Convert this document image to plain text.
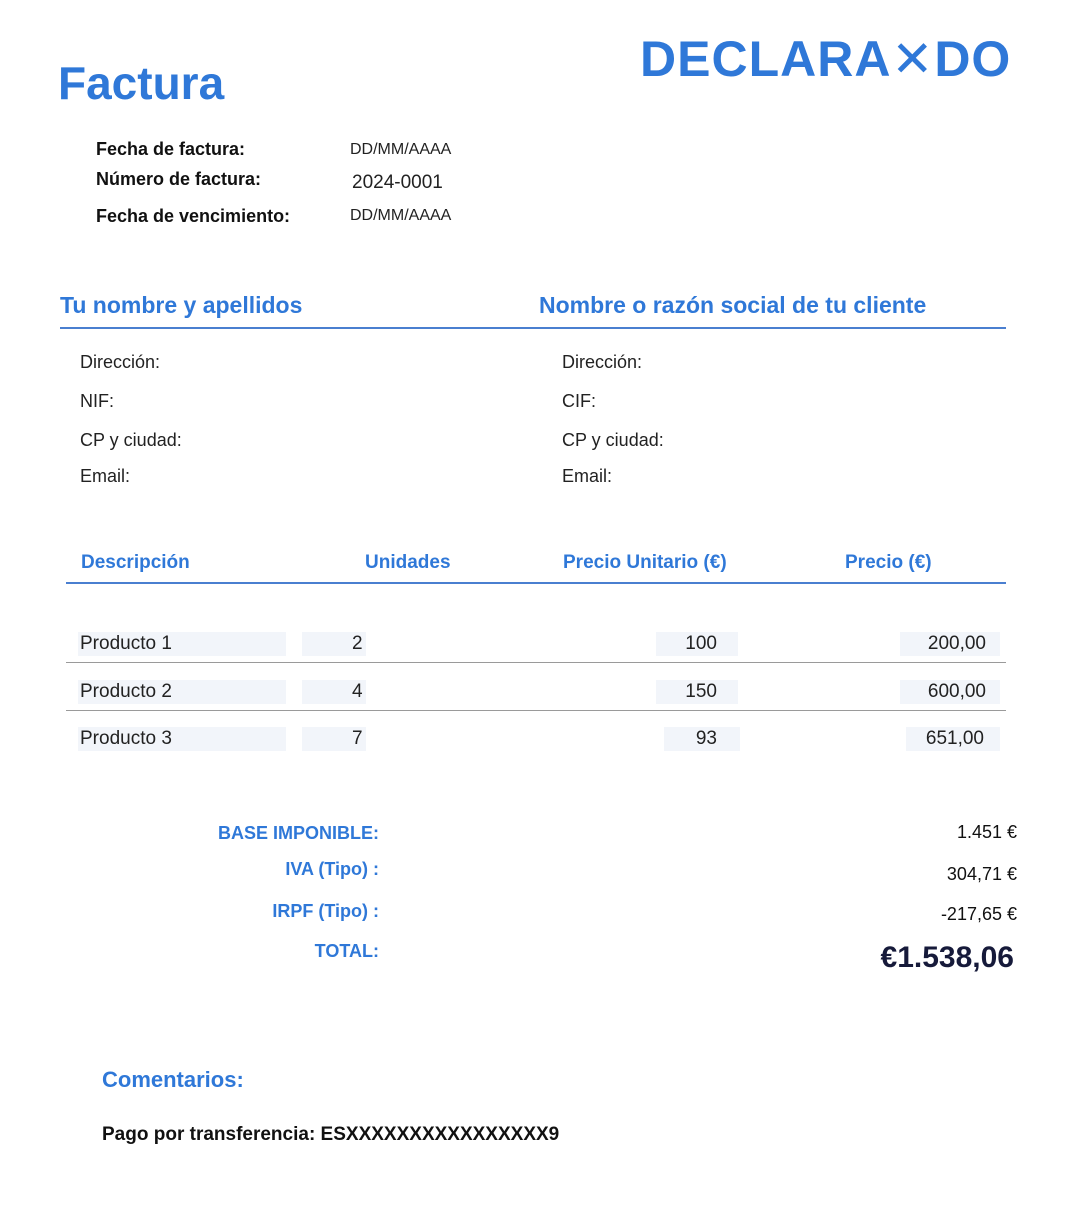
Factura	DECLARA✕DO
Fecha de factura:	DD/MM/AAAA
Número de factura:	2024-0001
Fecha de vencimiento:	DD/MM/AAAA
Tu nombre y apellidos	Nombre o razón social de tu cliente
Dirección:
NIF:
CP y ciudad:
Email:
Dirección:
CIF:
CP y ciudad:
Email:
Descripción	Unidades	Precio Unitario (€)	Precio (€)
Producto 1	2	100	200,00
Producto 2	4	150	600,00
Producto 3	7	93	651,00
BASE IMPONIBLE:	1.451 €
IVA (Tipo) :	304,71 €
IRPF (Tipo) :	-217,65 €
TOTAL:	€1.538,06
Comentarios:
Pago por transferencia: ESXXXXXXXXXXXXXXXX9
